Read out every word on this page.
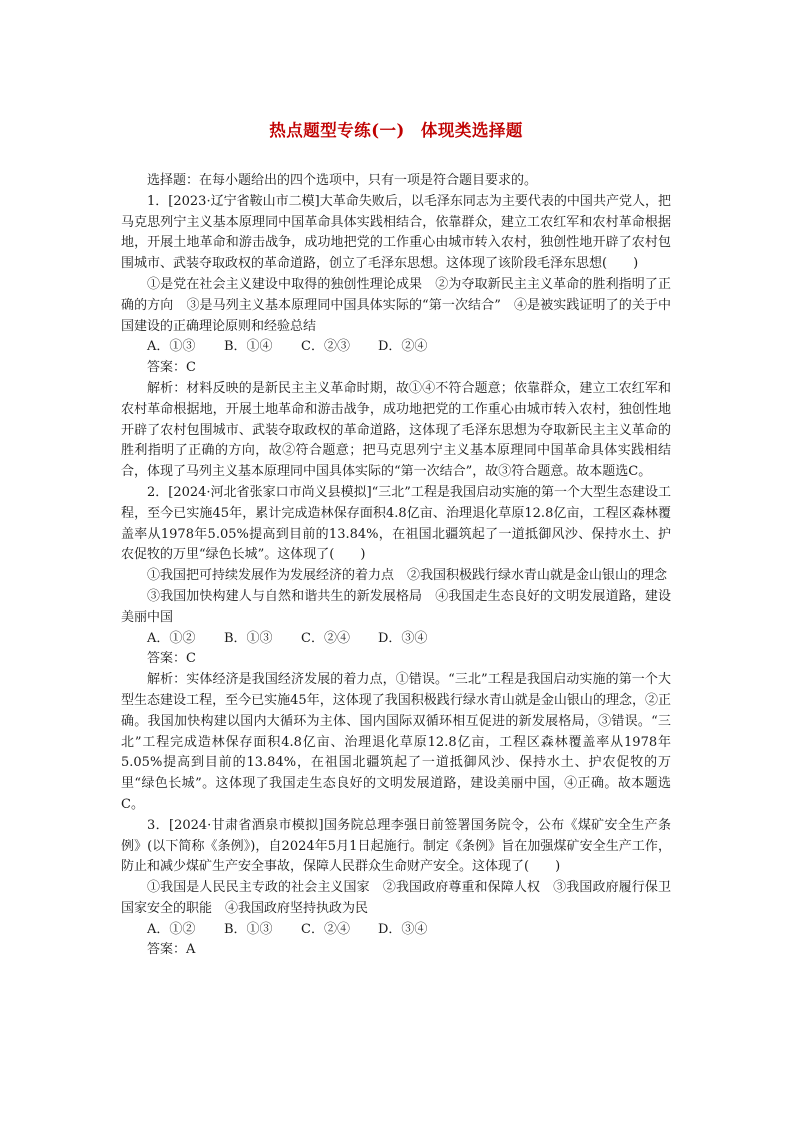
热点题型专练(一) 体现类选择题

选择题：在每小题给出的四个选项中，只有一项是符合题目要求的。

1．[2023·辽宁省鞍山市二模]大革命失败后，以毛泽东同志为主要代表的中国共产党人，把马克思列宁主义基本原理同中国革命具体实践相结合，依靠群众，建立工农红军和农村革命根据地，开展土地革命和游击战争，成功地把党的工作重心由城市转入农村，独创性地开辟了农村包围城市、武装夺取政权的革命道路，创立了毛泽东思想。这体现了该阶段毛泽东思想(　　)

①是党在社会主义建设中取得的独创性理论成果　②为夺取新民主主义革命的胜利指明了正确的方向　③是马列主义基本原理同中国具体实际的“第一次结合”　④是被实践证明了的关于中国建设的正确理论原则和经验总结

A．①③	B．①④	C．②③	D．②④

答案：C

解析：材料反映的是新民主主义革命时期，故①④不符合题意；依靠群众，建立工农红军和农村革命根据地，开展土地革命和游击战争，成功地把党的工作重心由城市转入农村，独创性地开辟了农村包围城市、武装夺取政权的革命道路，这体现了毛泽东思想为夺取新民主主义革命的胜利指明了正确的方向，故②符合题意；把马克思列宁主义基本原理同中国革命具体实践相结合，体现了马列主义基本原理同中国具体实际的“第一次结合”，故③符合题意。故本题选C。

2．[2024·河北省张家口市尚义县模拟]“三北”工程是我国启动实施的第一个大型生态建设工程，至今已实施45年，累计完成造林保存面积4.8亿亩、治理退化草原12.8亿亩，工程区森林覆盖率从1978年5.05%提高到目前的13.84%，在祖国北疆筑起了一道抵御风沙、保持水土、护农促牧的万里“绿色长城”。这体现了(　　)

①我国把可持续发展作为发展经济的着力点　②我国积极践行绿水青山就是金山银山的理念

③我国加快构建人与自然和谐共生的新发展格局　④我国走生态良好的文明发展道路，建设美丽中国

A．①②	B．①③	C．②④	D．③④

答案：C

解析：实体经济是我国经济发展的着力点，①错误。“三北”工程是我国启动实施的第一个大型生态建设工程，至今已实施45年，这体现了我国积极践行绿水青山就是金山银山的理念，②正确。我国加快构建以国内大循环为主体、国内国际双循环相互促进的新发展格局，③错误。“三北”工程完成造林保存面积4.8亿亩、治理退化草原12.8亿亩，工程区森林覆盖率从1978年5.05%提高到目前的13.84%，在祖国北疆筑起了一道抵御风沙、保持水土、护农促牧的万里“绿色长城”。这体现了我国走生态良好的文明发展道路，建设美丽中国，④正确。故本题选C。

3．[2024·甘肃省酒泉市模拟]国务院总理李强日前签署国务院令，公布《煤矿安全生产条例》(以下简称《条例》)，自2024年5月1日起施行。制定《条例》旨在加强煤矿安全生产工作，防止和减少煤矿生产安全事故，保障人民群众生命财产安全。这体现了(　　)

①我国是人民民主专政的社会主义国家　②我国政府尊重和保障人权　③我国政府履行保卫国家安全的职能　④我国政府坚持执政为民

A．①②	B．①③	C．②④	D．③④

答案：A
